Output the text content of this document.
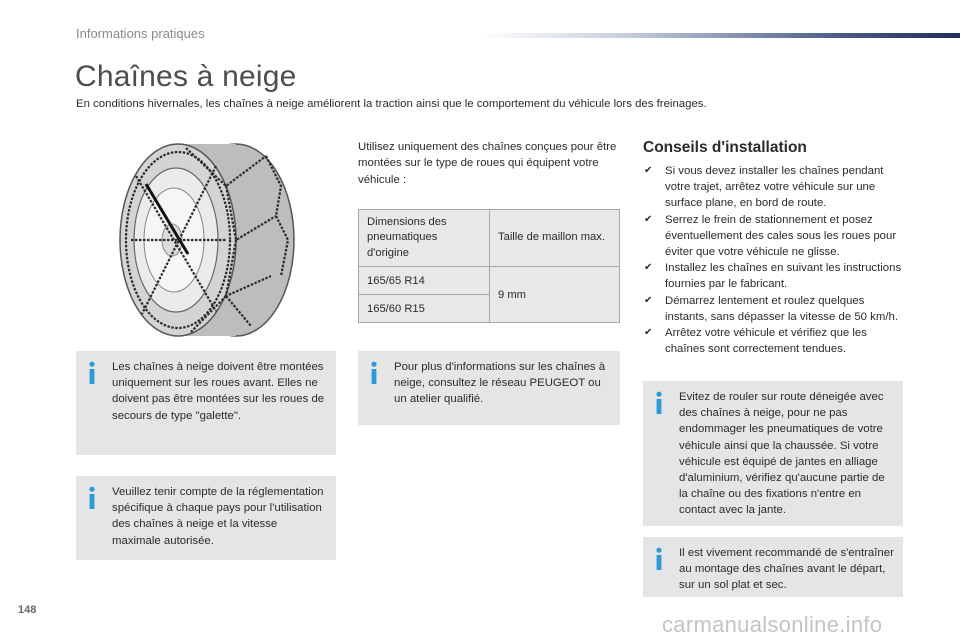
Informations pratiques
Chaînes à neige

En conditions hivernales, les chaînes à neige améliorent la traction ainsi que le comportement du véhicule lors des freinages.

Les chaînes à neige doivent être montées uniquement sur les roues avant. Elles ne doivent pas être montées sur les roues de secours de type "galette".
Veuillez tenir compte de la réglementation spécifique à chaque pays pour l'utilisation des chaînes à neige et la vitesse maximale autorisée.

Utilisez uniquement des chaînes conçues pour être montées sur le type de roues qui équipent votre véhicule :

Dimensions des pneumatiques d'origine	Taille de maillon max.
165/65 R14	9 mm
165/60 R15	
Pour plus d'informations sur les chaînes à neige, consultez le réseau PEUGEOT ou un atelier qualifié.
Conseils d'installation
✔ Si vous devez installer les chaînes pendant votre trajet, arrêtez votre véhicule sur une surface plane, en bord de route.
✔ Serrez le frein de stationnement et posez éventuellement des cales sous les roues pour éviter que votre véhicule ne glisse.
✔ Installez les chaînes en suivant les instructions fournies par le fabricant.
✔ Démarrez lentement et roulez quelques instants, sans dépasser la vitesse de 50 km/h.
✔ Arrêtez votre véhicule et vérifiez que les chaînes sont correctement tendues.
Evitez de rouler sur route déneigée avec des chaînes à neige, pour ne pas endommager les pneumatiques de votre véhicule ainsi que la chaussée. Si votre véhicule est équipé de jantes en alliage d'aluminium, vérifiez qu'aucune partie de la chaîne ou des fixations n'entre en contact avec la jante.
Il est vivement recommandé de s'entraîner au montage des chaînes avant le départ, sur un sol plat et sec.
148
carmanualsonline.info
